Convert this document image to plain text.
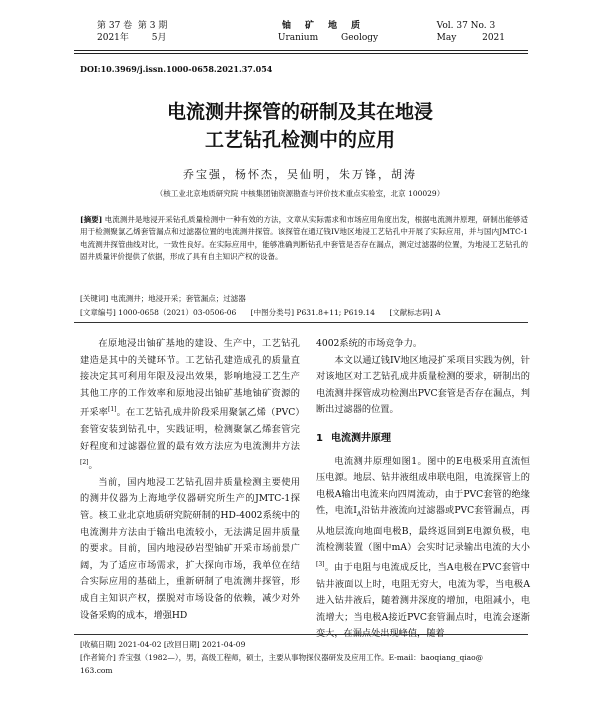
第 37 卷 第 3 期
2021年	5月
铀矿地质
Uranium	Geology
Vol. 37 No. 3
May	2021
DOI:10.3969/j.issn.1000-0658.2021.37.054
电流测井探管的研制及其在地浸
工艺钻孔检测中的应用
乔宝强，杨怀杰，吴仙明，朱万锋，胡涛
（核工业北京地质研究院 中核集团铀资源勘查与评价技术重点实验室，北京 100029）
[摘要] 电流测井是地浸开采钻孔质量检测中一种有效的方法，文章从实际需求和市场应用角度出发，根据电流测井原理，研制出能够适用于检测聚氯乙烯套管漏点和过滤器位置的电流测井探管。该探管在通辽钱IV地区地浸工艺钻孔中开展了实际应用，并与国内JMTC-1电流测井探管曲线对比，一致性良好。在实际应用中，能够准确判断钻孔中套管是否存在漏点，测定过滤器的位置，为地浸工艺钻孔的固井质量评价提供了依据，形成了具有自主知识产权的设备。
[关键词] 电流测井；地浸开采；套管漏点；过滤器
[文章编号] 1000-0658（2021）03-0506-06 [中图分类号] P631.8+11; P619.14 [文献标志码] A

在原地浸出铀矿基地的建设、生产中，工艺钻孔建造是其中的关键环节。工艺钻孔建造成孔的质量直接决定其可利用年限及浸出效果，影响地浸工艺生产其他工序的工作效率和原地浸出铀矿基地铀矿资源的开采率[1]。在工艺钻孔成井阶段采用聚氯乙烯（PVC）套管安装到钻孔中，实践证明，检测聚氯乙烯套管完好程度和过滤器位置的最有效方法应为电流测井方法[2]。

当前，国内地浸工艺钻孔固井质量检测主要使用的测井仪器为上海地学仪器研究所生产的JMTC-1探管。核工业北京地质研究院研制的HD-4002系统中的电流测井方法由于输出电流较小，无法满足固井质量的要求。目前，国内地浸砂岩型铀矿开采市场前景广阔，为了适应市场需求，扩大探向市场，我单位在结合实际应用的基础上，重新研制了电流测井探管，形成自主知识产权，摆脱对市场设备的依赖，减少对外设备采购的成本，增强HD

4002系统的市场竞争力。

本文以通辽钱IV地区地浸扩采项目实践为例，针对该地区对工艺钻孔成井质量检测的要求，研制出的电流测井探管成功检测出PVC套管是否存在漏点，判断出过滤器的位置。

1 电流测井原理

电流测井原理如图1。图中的E电极采用直流恒压电源。地层、钻井液组成串联电阻，电流探管上的电极A输出电流来向四周流动，由于PVC套管的绝缘性，电流$I_A$沿钻井液流向过滤器或PVC套管漏点，再从地层流向地面电极B，最终返回到E电源负极，电流检测装置（图中mA）会实时记录输出电流的大小[3]。由于电阻与电流成反比，当A电极在PVC套管中钻井液面以上时，电阻无穷大，电流为零，当电极A进入钻井液后，随着测井深度的增加，电阻减小，电流增大；当电极A接近PVC套管漏点时，电流会逐渐变大，在漏点处出现峰值，随着

[收稿日期] 2021-04-02 [改回日期] 2021-04-09
[作者简介] 乔宝强（1982—），男，高级工程师，硕士，主要从事物探仪器研发及应用工作。E-mail：baoqiang_qiao@
163.com
